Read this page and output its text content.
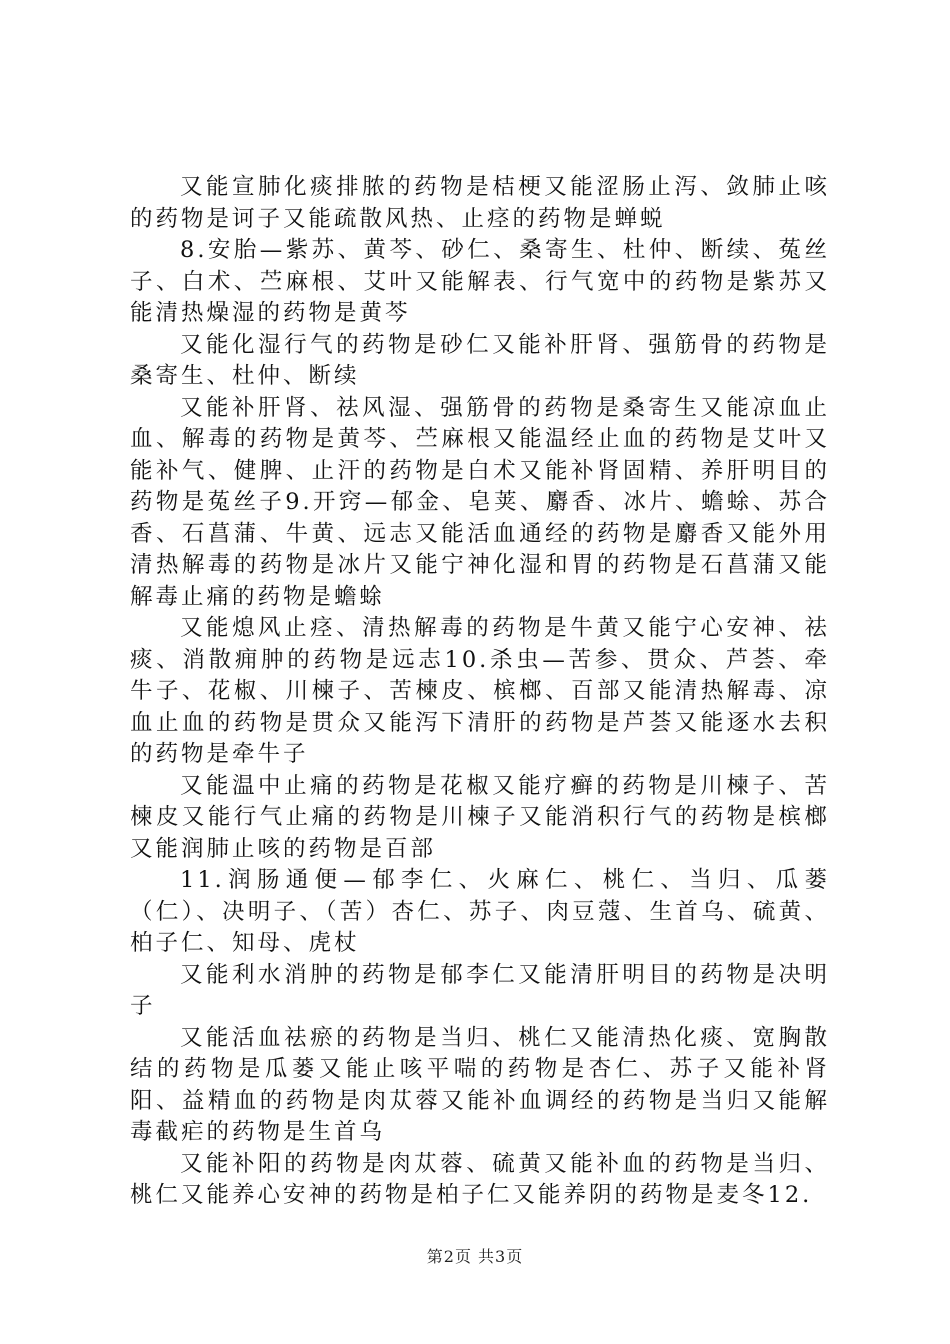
又能宣肺化痰排脓的药物是桔梗又能涩肠止泻、敛肺止咳的药物是诃子又能疏散风热、止痉的药物是蝉蜕

8.安胎—紫苏、黄芩、砂仁、桑寄生、杜仲、断续、菟丝子、白术、苎麻根、艾叶又能解表、行气宽中的药物是紫苏又能清热燥湿的药物是黄芩

又能化湿行气的药物是砂仁又能补肝肾、强筋骨的药物是桑寄生、杜仲、断续

又能补肝肾、祛风湿、强筋骨的药物是桑寄生又能凉血止血、解毒的药物是黄芩、苎麻根又能温经止血的药物是艾叶又能补气、健脾、止汗的药物是白术又能补肾固精、养肝明目的药物是菟丝子9.开窍—郁金、皂荚、麝香、冰片、蟾蜍、苏合香、石菖蒲、牛黄、远志又能活血通经的药物是麝香又能外用清热解毒的药物是冰片又能宁神化湿和胃的药物是石菖蒲又能解毒止痛的药物是蟾蜍

又能熄风止痉、清热解毒的药物是牛黄又能宁心安神、祛痰、消散痈肿的药物是远志10.杀虫—苦参、贯众、芦荟、牵牛子、花椒、川楝子、苦楝皮、槟榔、百部又能清热解毒、凉血止血的药物是贯众又能泻下清肝的药物是芦荟又能逐水去积的药物是牵牛子

又能温中止痛的药物是花椒又能疗癣的药物是川楝子、苦楝皮又能行气止痛的药物是川楝子又能消积行气的药物是槟榔又能润肺止咳的药物是百部

11.润肠通便—郁李仁、火麻仁、桃仁、当归、瓜蒌（仁）、决明子、（苦）杏仁、苏子、肉豆蔻、生首乌、硫黄、柏子仁、知母、虎杖

又能利水消肿的药物是郁李仁又能清肝明目的药物是决明子

又能活血祛瘀的药物是当归、桃仁又能清热化痰、宽胸散结的药物是瓜蒌又能止咳平喘的药物是杏仁、苏子又能补肾阳、益精血的药物是肉苁蓉又能补血调经的药物是当归又能解毒截疟的药物是生首乌

又能补阳的药物是肉苁蓉、硫黄又能补血的药物是当归、桃仁又能养心安神的药物是柏子仁又能养阴的药物是麦冬12.

第2页 共3页
